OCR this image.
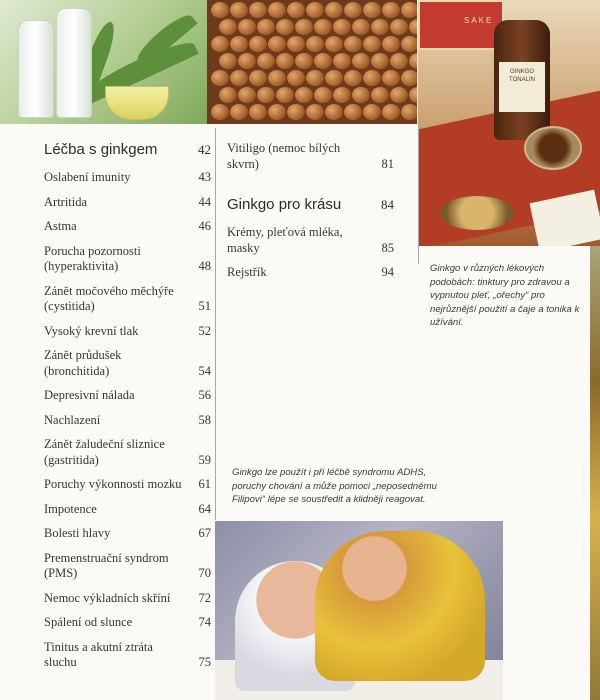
SAKE
GINKGO TONALIN
Léčba s ginkgem	42
Oslabení imunity	43
Artritida	44
Astma	46
Porucha pozornosti (hyperaktivita)	48
Zánět močového měchýře (cystitida)	51
Vysoký krevní tlak	52
Zánět průdušek (bronchitida)	54
Depresivní nálada	56
Nachlazení	58
Zánět žaludeční sliznice (gastritida)	59
Poruchy výkonnosti mozku 61
Impotence	64
Bolesti hlavy	67
Premenstruační syndrom (PMS)	70
Nemoc výkladních skříní 72
Spálení od slunce	74
Tinitus a akutní ztráta sluchu	75
Vitiligo (nemoc bílých skvrn)	81
Ginkgo pro krásu	84
Krémy, pleťová mléka, masky	85
Rejstřík	94	Ginkgo v různých lékových podobách: tinktury pro zdravou a vypnutou pleť, „ořechy“ pro nejrůznější použití a čaje a tonika k užívání.
Ginkgo lze použít i při léčbě syndromu ADHS, poruchy chování a může pomoci „neposednému Filipovi“ lépe se soustředit a klidněji reagovat.
